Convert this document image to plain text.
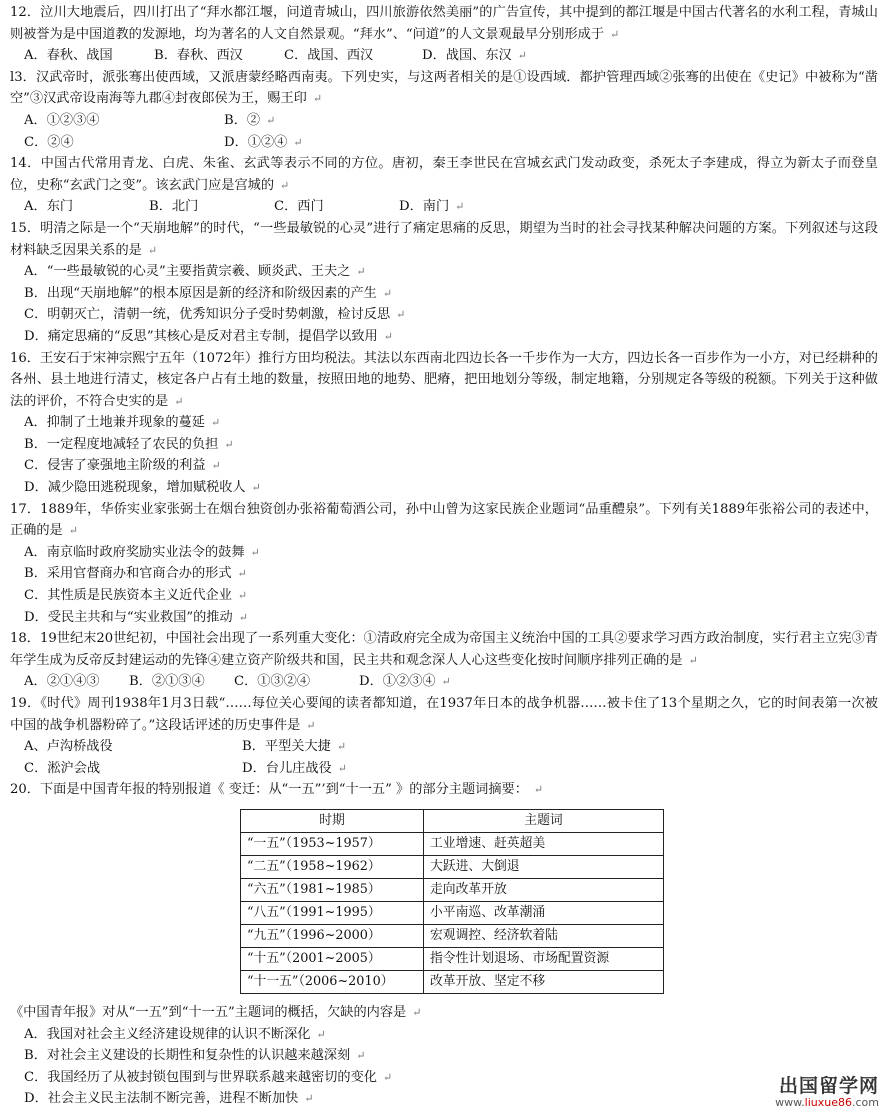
12．泣川大地震后，四川打出了“拜水都江堰，问道青城山，四川旅游依然美丽”的广告宣传，其中提到的都江堰是中国古代著名的水利工程，青城山则被誉为是中国道教的发源地，均为著名的人文自然景观。“拜水”、“问道”的人文景观最早分别形成于 ↵

A．春秋、战国	B．春秋、西汉	C．战国、西汉	D．战国、东汉 ↵

l3．汉武帝时，派张骞出使西域，又派唐蒙经略西南夷。下列史实，与这两者相关的是①设西域．都护管理西域②张骞的出使在《史记》中被称为“凿空”③汉武帝设南海等九郡④封夜郎侯为王，赐王印 ↵

A．①②③④	B．② ↵
C．②④	D．①②④ ↵

14．中国古代常用青龙、白虎、朱雀、玄武等表示不同的方位。唐初，秦王李世民在宫城玄武门发动政变，杀死太子李建成，得立为新太子而登皇位，史称“玄武门之变”。该玄武门应是宫城的 ↵

A．东门	B．北门	C．西门	D．南门 ↵

15．明清之际是一个“天崩地解”的时代，“一些最敏锐的心灵”进行了痛定思痛的反思，期望为当时的社会寻找某种解决问题的方案。下列叙述与这段材料缺乏因果关系的是 ↵

A．“一些最敏锐的心灵”主要指黄宗羲、顾炎武、王夫之 ↵

B．出现“天崩地解”的根本原因是新的经济和阶级因素的产生 ↵

C．明朝灭亡，清朝一统，优秀知识分子受时势刺激，检讨反思 ↵

D．痛定思痛的“反思”其核心是反对君主专制，提倡学以致用 ↵

16．王安石于宋神宗熙宁五年（1072年）推行方田均税法。其法以东西南北四边长各一千步作为一大方，四边长各一百步作为一小方，对已经耕种的各州、县土地进行清丈，核定各户占有土地的数量，按照田地的地势、肥瘠，把田地划分等级，制定地籍，分别规定各等级的税额。下列关于这种做法的评价，不符合史实的是 ↵

A．抑制了土地兼并现象的蔓延 ↵

B．一定程度地减轻了农民的负担 ↵

C．侵害了豪强地主阶级的利益 ↵

D．减少隐田逃税现象，增加赋税收人 ↵

17．1889年，华侨实业家张弼士在烟台独资创办张裕葡萄酒公司，孙中山曾为这家民族企业题词“品重醴泉”。下列有关1889年张裕公司的表述中，正确的是 ↵

A．南京临时政府奖励实业法令的鼓舞 ↵

B．采用官督商办和官商合办的形式 ↵

C．其性质是民族资本主义近代企业 ↵

D．受民主共和与“实业救国”的推动 ↵

18．19世纪末20世纪初，中国社会出现了一系列重大变化：①清政府完全成为帝国主义统治中国的工具②要求学习西方政治制度，实行君主立宪③青年学生成为反帝反封建运动的先锋④建立资产阶级共和国，民主共和观念深人人心这些变化按时间顺序排列正确的是 ↵

A．②①④③	B．②①③④	C．①③②④	D．①②③④ ↵

19．《时代》周刊1938年1月3日载“……每位关心要闻的读者都知道，在1937年日本的战争机器……被卡住了13个星期之久，它的时间表第一次被中国的战争机器粉碎了。”这段话评述的历史事件是 ↵

A、卢沟桥战役	B．平型关大捷 ↵
C．淞沪会战	D．台儿庄战役 ↵

20．下面是中国青年报的特别报道《 变迁：从“一五”’到“十一五” 》的部分主题词摘要： ↵

时期	主题词
“一五”（1953~1957）	工业增速、赶英超美
“二五”（1958~1962）	大跃进、大倒退
“六五”（1981~1985）	走向改革开放
“八五”（1991~1995）	小平南巡、改革潮涌
“九五”（1996~2000）	宏观调控、经济软着陆
“十五”（2001~2005）	指令性计划退场、市场配置资源
“十一五”（2006~2010）	改革开放、坚定不移

《中国青年报》对从“一五”到“十一五”主题词的概括，欠缺的内容是 ↵

A．我国对社会主义经济建设规律的认识不断深化 ↵

B．对社会主义建设的长期性和复杂性的认识越来越深刻 ↵

C．我国经历了从被封锁包围到与世界联系越来越密切的变化 ↵

D．社会主义民主法制不断完善，进程不断加快 ↵

出国留学网
www.liuxue86.com
